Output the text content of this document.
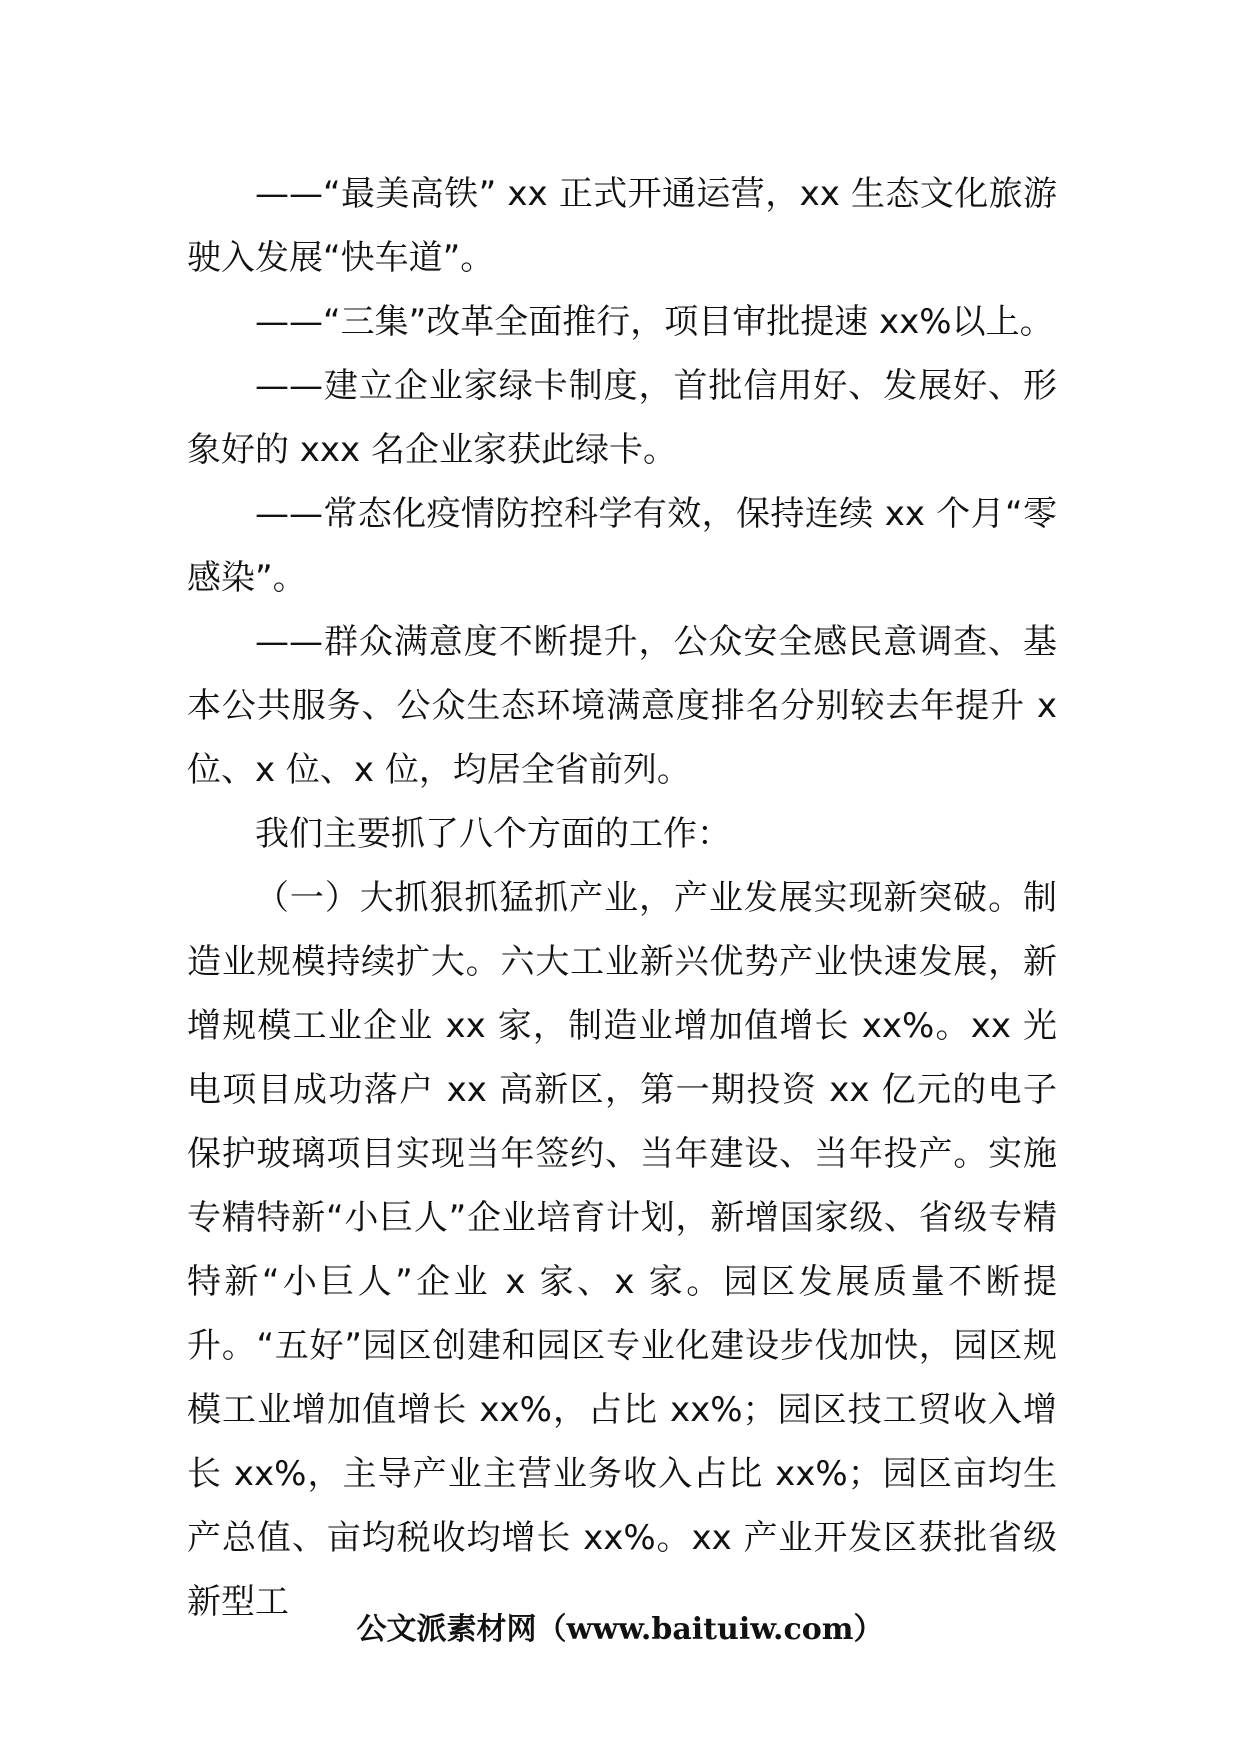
——“最美高铁” xx 正式开通运营，xx 生态文化旅游驶入发展“快车道”。

——“三集”改革全面推行，项目审批提速 xx%以上。

——建立企业家绿卡制度，首批信用好、发展好、形象好的 xxx 名企业家获此绿卡。

——常态化疫情防控科学有效，保持连续 xx 个月“零感染”。

——群众满意度不断提升，公众安全感民意调查、基本公共服务、公众生态环境满意度排名分别较去年提升 x 位、x 位、x 位，均居全省前列。

我们主要抓了八个方面的工作：

（一）大抓狠抓猛抓产业，产业发展实现新突破。制造业规模持续扩大。六大工业新兴优势产业快速发展，新增规模工业企业 xx 家，制造业增加值增长 xx%。xx 光电项目成功落户 xx 高新区，第一期投资 xx 亿元的电子保护玻璃项目实现当年签约、当年建设、当年投产。实施专精特新“小巨人”企业培育计划，新增国家级、省级专精特新“小巨人”企业 x 家、x 家。园区发展质量不断提升。“五好”园区创建和园区专业化建设步伐加快，园区规模工业增加值增长 xx%，占比 xx%；园区技工贸收入增长 xx%，主导产业主营业务收入占比 xx%；园区亩均生产总值、亩均税收均增长 xx%。xx 产业开发区获批省级新型工

公文派素材网（www.baituiw.com）
